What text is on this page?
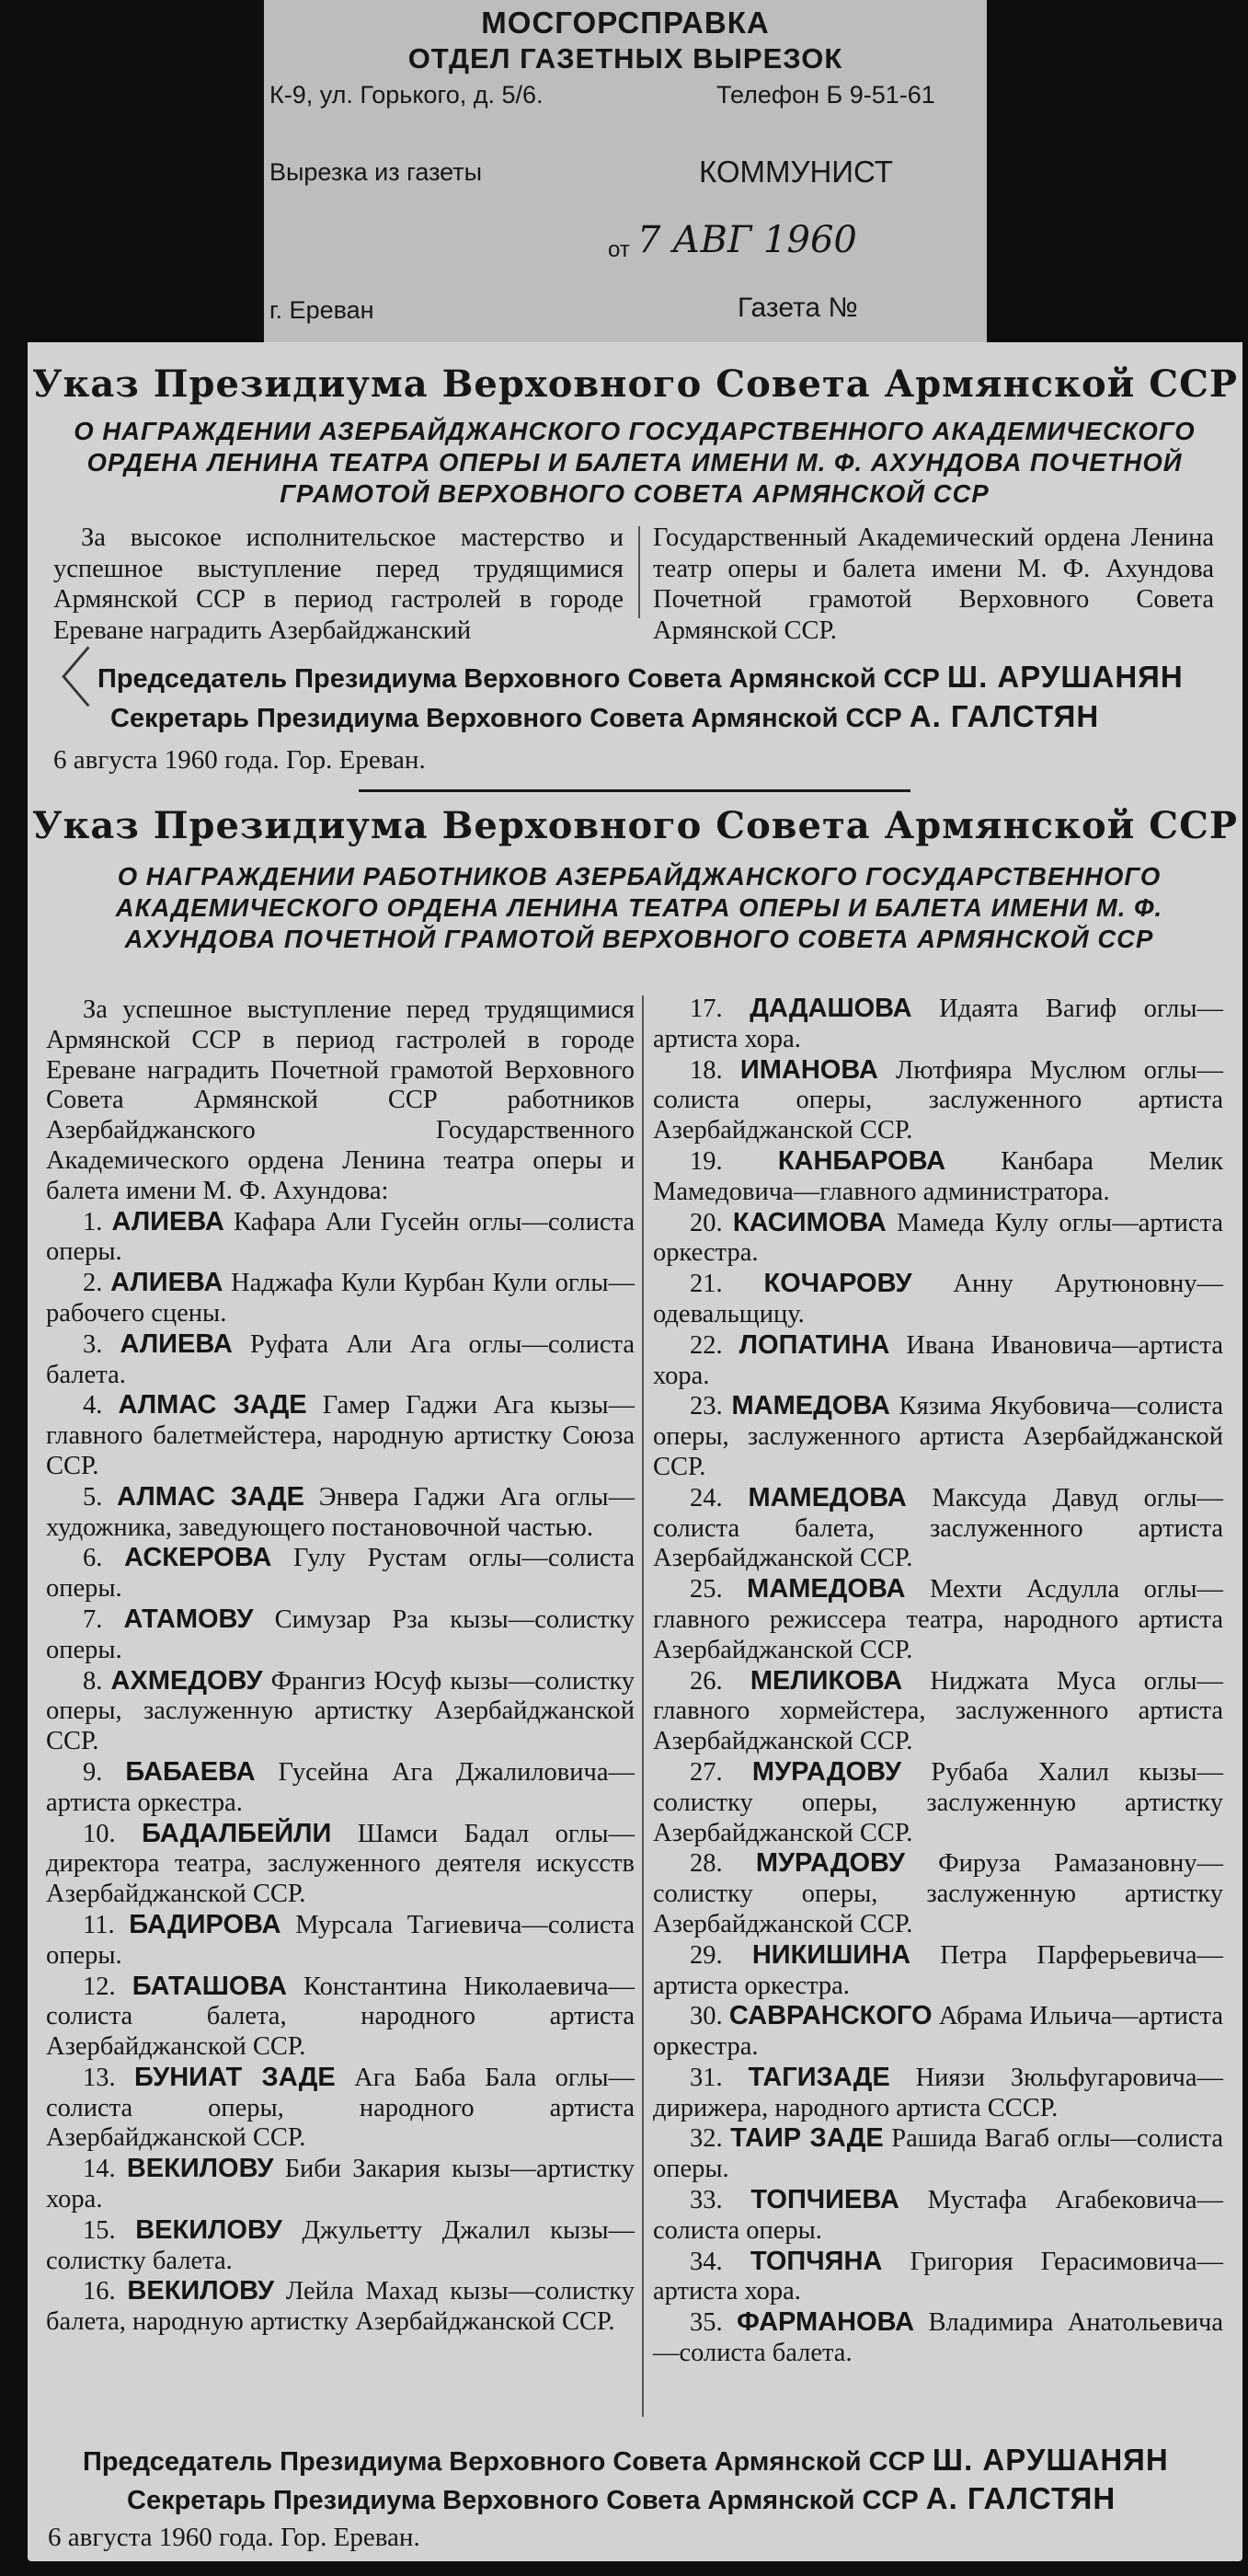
МОСГОРСПРАВКА
ОТДЕЛ ГАЗЕТНЫХ ВЫРЕЗОК
К-9, ул. Горького, д. 5/6.	Телефон Б 9-51-61
Вырезка из газеты	КОММУНИСТ
от 7 АВГ 1960
г. Ереван	Газета №
Указ Президиума Верховного Совета Армянской ССР
О НАГРАЖДЕНИИ АЗЕРБАЙДЖАНСКОГО ГОСУДАРСТВЕННОГО АКАДЕМИЧЕСКОГО ОРДЕНА ЛЕНИНА ТЕАТРА ОПЕРЫ И БАЛЕТА ИМЕНИ М. Ф. АХУНДОВА ПОЧЕТНОЙ ГРАМОТОЙ ВЕРХОВНОГО СОВЕТА АРМЯНСКОЙ ССР

За высокое исполнительское мастерство и успешное выступление перед трудящимися Армянской ССР в период гастролей в городе Ереване наградить Азербайджанский

Государственный Академический ордена Ленина театр оперы и балета имени М. Ф. Ахундова Почетной грамотой Верховного Совета Армянской ССР.

〈 Председатель Президиума Верховного Совета Армянской ССР Ш. АРУШАНЯН
Секретарь Президиума Верховного Совета Армянской ССР А. ГАЛСТЯН
6 августа 1960 года. Гор. Ереван.
Указ Президиума Верховного Совета Армянской ССР
О НАГРАЖДЕНИИ РАБОТНИКОВ АЗЕРБАЙДЖАНСКОГО ГОСУДАРСТВЕННОГО АКАДЕМИЧЕСКОГО ОРДЕНА ЛЕНИНА ТЕАТРА ОПЕРЫ И БАЛЕТА ИМЕНИ М. Ф. АХУНДОВА ПОЧЕТНОЙ ГРАМОТОЙ ВЕРХОВНОГО СОВЕТА АРМЯНСКОЙ ССР

За успешное выступление перед трудящимися Армянской ССР в период гастролей в городе Ереване наградить Почетной грамотой Верховного Совета Армянской ССР работников Азербайджанского Государственного Академического ордена Ленина театра оперы и балета имени М. Ф. Ахундова:

1. АЛИЕВА Кафара Али Гусейн оглы—солиста оперы.

2. АЛИЕВА Наджафа Кули Курбан Кули оглы—рабочего сцены.

3. АЛИЕВА Руфата Али Ага оглы—солиста балета.

4. АЛМАС ЗАДЕ Гамер Гаджи Ага кызы—главного балетмейстера, народную артистку Союза ССР.

5. АЛМАС ЗАДЕ Энвера Гаджи Ага оглы—художника, заведующего постановочной частью.

6. АСКЕРОВА Гулу Рустам оглы—солиста оперы.

7. АТАМОВУ Симузар Рза кызы—солистку оперы.

8. АХМЕДОВУ Франгиз Юсуф кызы—солистку оперы, заслуженную артистку Азербайджанской ССР.

9. БАБАЕВА Гусейна Ага Джалиловича—артиста оркестра.

10. БАДАЛБЕЙЛИ Шамси Бадал оглы—директора театра, заслуженного деятеля искусств Азербайджанской ССР.

11. БАДИРОВА Мурсала Тагиевича—солиста оперы.

12. БАТАШОВА Константина Николаевича—солиста балета, народного артиста Азербайджанской ССР.

13. БУНИАТ ЗАДЕ Ага Баба Бала оглы—солиста оперы, народного артиста Азербайджанской ССР.

14. ВЕКИЛОВУ Биби Закария кызы—артистку хора.

15. ВЕКИЛОВУ Джульетту Джалил кызы—солистку балета.

16. ВЕКИЛОВУ Лейла Махад кызы—солистку балета, народную артистку Азербайджанской ССР.

17. ДАДАШОВА Идаята Вагиф оглы—артиста хора.

18. ИМАНОВА Лютфияра Муслюм оглы—солиста оперы, заслуженного артиста Азербайджанской ССР.

19. КАНБАРОВА Канбара Мелик Мамедовича—главного администратора.

20. КАСИМОВА Мамеда Кулу оглы—артиста оркестра.

21. КОЧАРОВУ Анну Арутюновну—одевальщицу.

22. ЛОПАТИНА Ивана Ивановича—артиста хора.

23. МАМЕДОВА Кязима Якубовича—солиста оперы, заслуженного артиста Азербайджанской ССР.

24. МАМЕДОВА Максуда Давуд оглы—солиста балета, заслуженного артиста Азербайджанской ССР.

25. МАМЕДОВА Мехти Асдулла оглы—главного режиссера театра, народного артиста Азербайджанской ССР.

26. МЕЛИКОВА Ниджата Муса оглы—главного хормейстера, заслуженного артиста Азербайджанской ССР.

27. МУРАДОВУ Рубаба Халил кызы—солистку оперы, заслуженную артистку Азербайджанской ССР.

28. МУРАДОВУ Фируза Рамазановну—солистку оперы, заслуженную артистку Азербайджанской ССР.

29. НИКИШИНА Петра Парферьевича—артиста оркестра.

30. САВРАНСКОГО Абрама Ильича—артиста оркестра.

31. ТАГИЗАДЕ Ниязи Зюльфугаровича—дирижера, народного артиста СССР.

32. ТАИР ЗАДЕ Рашида Вагаб оглы—солиста оперы.

33. ТОПЧИЕВА Мустафа Агабековича—солиста оперы.

34. ТОПЧЯНА Григория Герасимовича—артиста хора.

35. ФАРМАНОВА Владимира Анатольевича—солиста балета.

Председатель Президиума Верховного Совета Армянской ССР Ш. АРУШАНЯН
Секретарь Президиума Верховного Совета Армянской ССР А. ГАЛСТЯН
6 августа 1960 года. Гор. Ереван.
